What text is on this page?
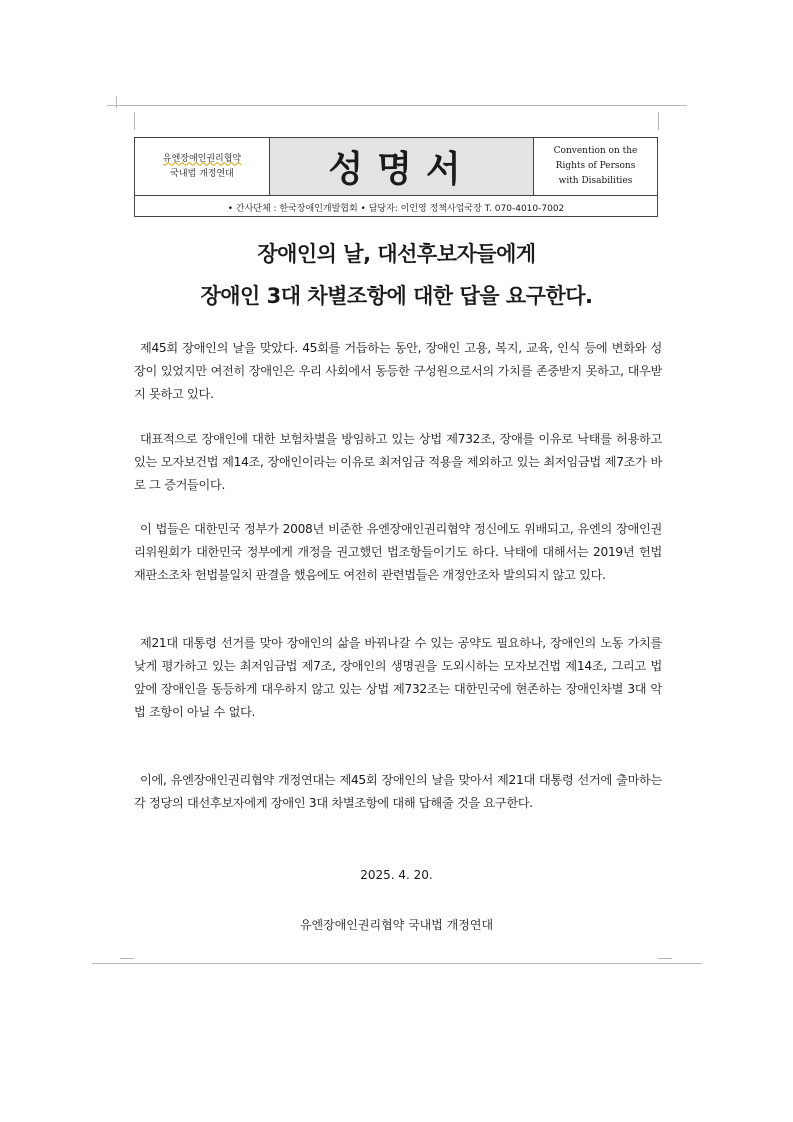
유엔장애인권리협약
국내법 개정연대	성명서	Convention on the
Rights of Persons
with Disabilities
• 간사단체 : 한국장애인개발협회 • 담당자: 이인영 정책사업국장 T. 070-4010-7002
장애인의 날, 대선후보자들에게
장애인 3대 차별조항에 대한 답을 요구한다.
제45회 장애인의 날을 맞았다. 45회를 거듭하는 동안, 장애인 고용, 복지, 교육, 인식 등에 변화와 성장이 있었지만 여전히 장애인은 우리 사회에서 동등한 구성원으로서의 가치를 존중받지 못하고, 대우받지 못하고 있다.
대표적으로 장애인에 대한 보험차별을 방임하고 있는 상법 제732조, 장애를 이유로 낙태를 허용하고 있는 모자보건법 제14조, 장애인이라는 이유로 최저임금 적용을 제외하고 있는 최저임금법 제7조가 바로 그 증거들이다.
이 법들은 대한민국 정부가 2008년 비준한 유엔장애인권리협약 정신에도 위배되고, 유엔의 장애인권리위원회가 대한민국 정부에게 개정을 권고했던 법조항들이기도 하다. 낙태에 대해서는 2019년 헌법재판소조차 헌법불일치 판결을 했음에도 여전히 관련법들은 개정안조차 발의되지 않고 있다.
제21대 대통령 선거를 맞아 장애인의 삶을 바꿔나갈 수 있는 공약도 필요하나, 장애인의 노동 가치를 낮게 평가하고 있는 최저임금법 제7조, 장애인의 생명권을 도외시하는 모자보건법 제14조, 그리고 법 앞에 장애인을 동등하게 대우하지 않고 있는 상법 제732조는 대한민국에 현존하는 장애인차별 3대 악법 조항이 아닐 수 없다.
이에, 유엔장애인권리협약 개정연대는 제45회 장애인의 날을 맞아서 제21대 대통령 선거에 출마하는 각 정당의 대선후보자에게 장애인 3대 차별조항에 대해 답해줄 것을 요구한다.
2025. 4. 20.
유엔장애인권리협약 국내법 개정연대
